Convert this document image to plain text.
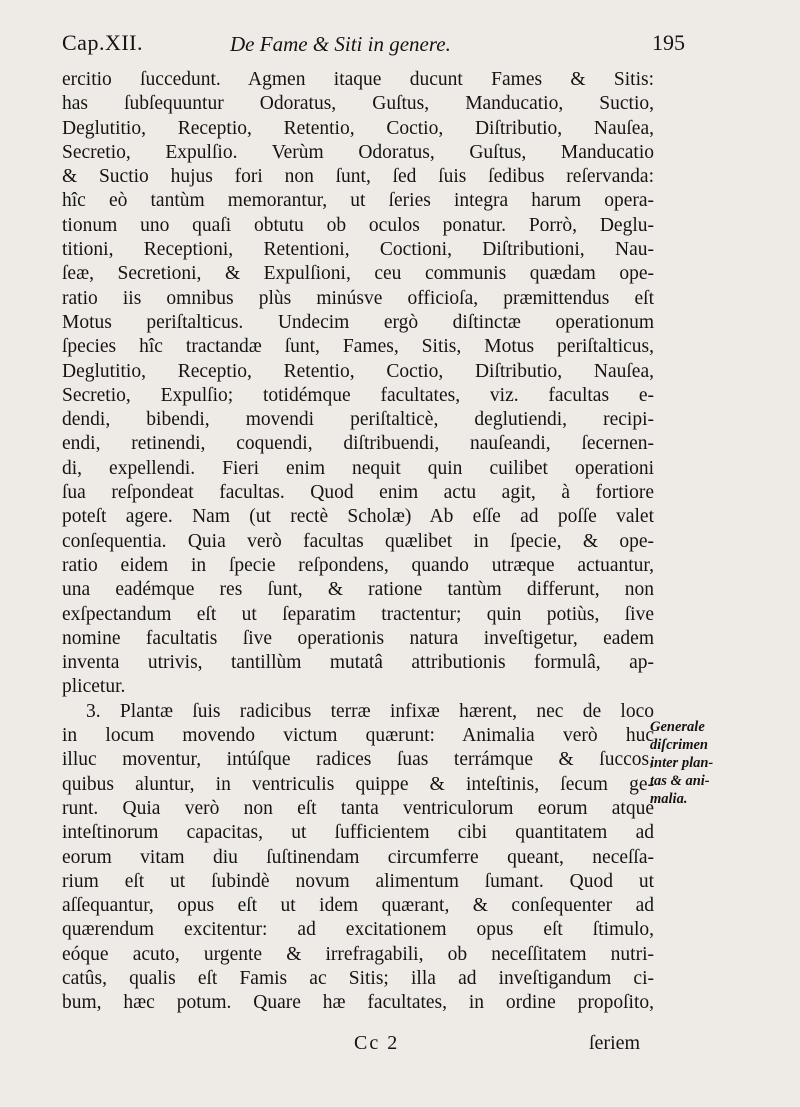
Cap.XII.	De Fame & Siti in genere.	195
ercitio ſuccedunt. Agmen itaque ducunt Fames & Sitis:
has ſubſequuntur Odoratus, Guſtus, Manducatio, Suctio,
Deglutitio, Receptio, Retentio, Coctio, Diſtributio, Nauſea,
Secretio, Expulſio. Verùm Odoratus, Guſtus, Manducatio
& Suctio hujus fori non ſunt, ſed ſuis ſedibus reſervanda:
hîc eò tantùm memorantur, ut ſeries integra harum opera-
tionum uno quaſi obtutu ob oculos ponatur. Porrò, Deglu-
titioni, Receptioni, Retentioni, Coctioni, Diſtributioni, Nau-
ſeæ, Secretioni, & Expulſioni, ceu communis quædam ope-
ratio iis omnibus plùs minúsve officioſa, præmittendus eſt
Motus periſtalticus. Undecim ergò diſtinctæ operationum
ſpecies hîc tractandæ ſunt, Fames, Sitis, Motus periſtalticus,
Deglutitio, Receptio, Retentio, Coctio, Diſtributio, Nauſea,
Secretio, Expulſio; totidémque facultates, viz. facultas e-
dendi, bibendi, movendi periſtalticè, deglutiendi, recipi-
endi, retinendi, coquendi, diſtribuendi, nauſeandi, ſecernen-
di, expellendi. Fieri enim nequit quin cuilibet operationi
ſua reſpondeat facultas. Quod enim actu agit, à fortiore
poteſt agere. Nam (ut rectè Scholæ) Ab eſſe ad poſſe valet
conſequentia. Quia verò facultas quælibet in ſpecie, & ope-
ratio eidem in ſpecie reſpondens, quando utræque actuantur,
una eadémque res ſunt, & ratione tantùm differunt, non
exſpectandum eſt ut ſeparatim tractentur; quin potiùs, ſive
nomine facultatis ſive operationis natura inveſtigetur, eadem
inventa utrivis, tantillùm mutatâ attributionis formulâ, ap-
plicetur.
3. Plantæ ſuis radicibus terræ infixæ hærent, nec de loco
in locum movendo victum quærunt: Animalia verò huc
illuc moventur, intúſque radices ſuas terrámque & ſuccos,
quibus aluntur, in ventriculis quippe & inteſtinis, ſecum ge-
runt. Quia verò non eſt tanta ventriculorum eorum atque
inteſtinorum capacitas, ut ſufficientem cibi quantitatem ad
eorum vitam diu ſuſtinendam circumferre queant, neceſſa-
rium eſt ut ſubindè novum alimentum ſumant. Quod ut
aſſequantur, opus eſt ut idem quærant, & conſequenter ad
quærendum excitentur: ad excitationem opus eſt ſtimulo,
eóque acuto, urgente & irrefragabili, ob neceſſitatem nutri-
catûs, qualis eſt Famis ac Sitis; illa ad inveſtigandum ci-
bum, hæc potum. Quare hæ facultates, in ordine propoſito,
Generale
diſcrimen
inter plan-
tas & ani-
malia.
Cc 2	ſeriem
